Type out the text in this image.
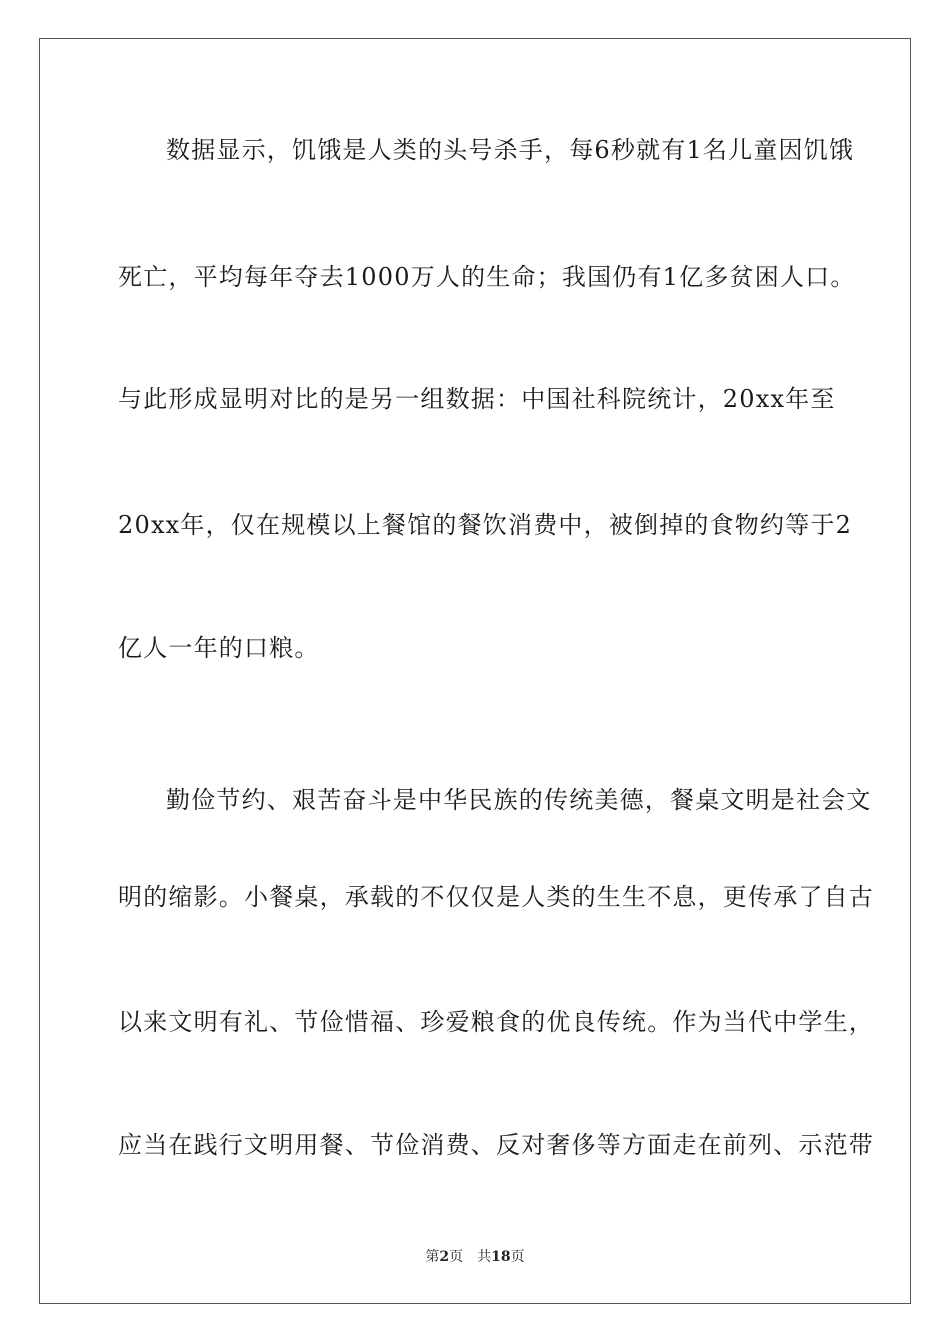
数据显示，饥饿是人类的头号杀手，每6秒就有1名儿童因饥饿

死亡，平均每年夺去1000万人的生命；我国仍有1亿多贫困人口。

与此形成显明对比的是另一组数据：中国社科院统计，20xx年至

20xx年，仅在规模以上餐馆的餐饮消费中，被倒掉的食物约等于2

亿人一年的口粮。

勤俭节约、艰苦奋斗是中华民族的传统美德，餐桌文明是社会文

明的缩影。小餐桌，承载的不仅仅是人类的生生不息，更传承了自古

以来文明有礼、节俭惜福、珍爱粮食的优良传统。作为当代中学生，

应当在践行文明用餐、节俭消费、反对奢侈等方面走在前列、示范带

第2页 共18页
